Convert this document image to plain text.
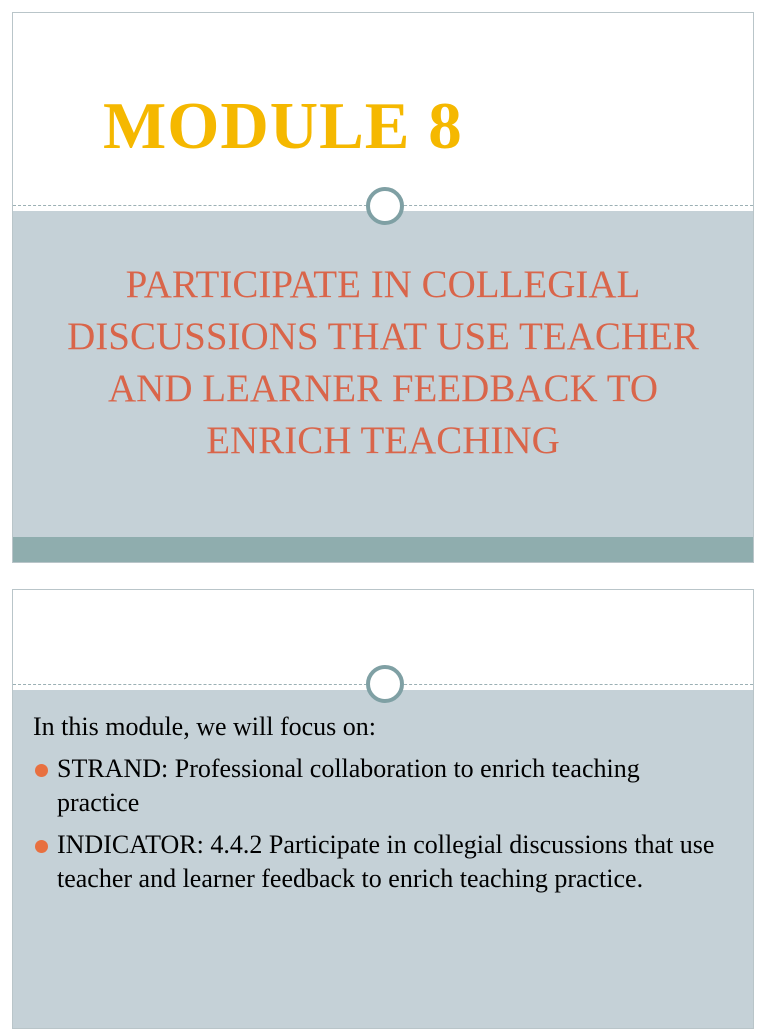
MODULE 8

PARTICIPATE IN COLLEGIAL DISCUSSIONS THAT USE TEACHER AND LEARNER FEEDBACK TO ENRICH TEACHING

In this module, we will focus on:

STRAND: Professional collaboration to enrich teaching practice
INDICATOR: 4.4.2 Participate in collegial discussions that use teacher and learner feedback to enrich teaching practice.
